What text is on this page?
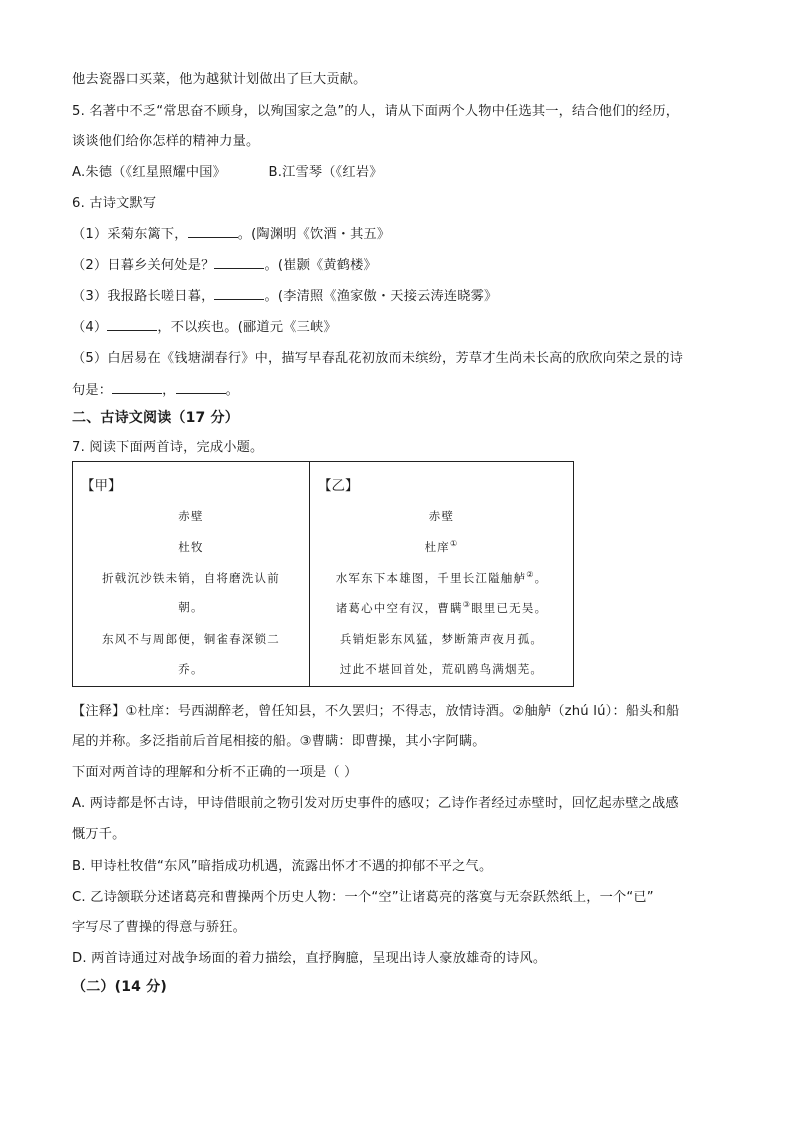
他去瓷器口买菜，他为越狱计划做出了巨大贡献。
5. 名著中不乏“常思奋不顾身，以殉国家之急”的人，请从下面两个人物中任选其一，结合他们的经历，
谈谈他们给你怎样的精神力量。
A.朱德（《红星照耀中国》	B.江雪琴（《红岩》
6. 古诗文默写
（1）采菊东篱下，	。(陶渊明《饮酒・其五》
（2）日暮乡关何处是？	。(崔颢《黄鹤楼》
（3）我报路长嗟日暮，	。(李清照《渔家傲・天接云涛连晓雾》
（4）	，不以疾也。(郦道元《三峡》
（5）白居易在《钱塘湖春行》中，描写早春乱花初放而未缤纷，芳草才生尚未长高的欣欣向荣之景的诗
句是：	，	。
二、古诗文阅读（17 分）
7. 阅读下面两首诗，完成小题。
【甲】
赤壁
杜牧
折戟沉沙铁未销，自将磨洗认前
朝。
东风不与周郎便，铜雀春深锁二
乔。
【乙】
赤壁
杜庠①
水军东下本雄图，千里长江隘舳舻②。
诸葛心中空有汉，曹瞒③眼里已无吴。
兵销炬影东风猛，梦断箫声夜月孤。
过此不堪回首处，荒矶鸥鸟满烟芜。
【注释】①杜庠：号西湖醉老，曾任知县，不久罢归；不得志，放情诗酒。②舳舻（zhú lú）：船头和船
尾的并称。多泛指前后首尾相接的船。③曹瞒：即曹操，其小字阿瞒。
下面对两首诗的理解和分析不正确的一项是（ ）
A. 两诗都是怀古诗，甲诗借眼前之物引发对历史事件的感叹；乙诗作者经过赤壁时，回忆起赤壁之战感
慨万千。
B. 甲诗杜牧借“东风”暗指成功机遇，流露出怀才不遇的抑郁不平之气。
C. 乙诗颔联分述诸葛亮和曹操两个历史人物：一个“空”让诸葛亮的落寞与无奈跃然纸上，一个“已”
字写尽了曹操的得意与骄狂。
D. 两首诗通过对战争场面的着力描绘，直抒胸臆，呈现出诗人豪放雄奇的诗风。
（二）(14 分)
